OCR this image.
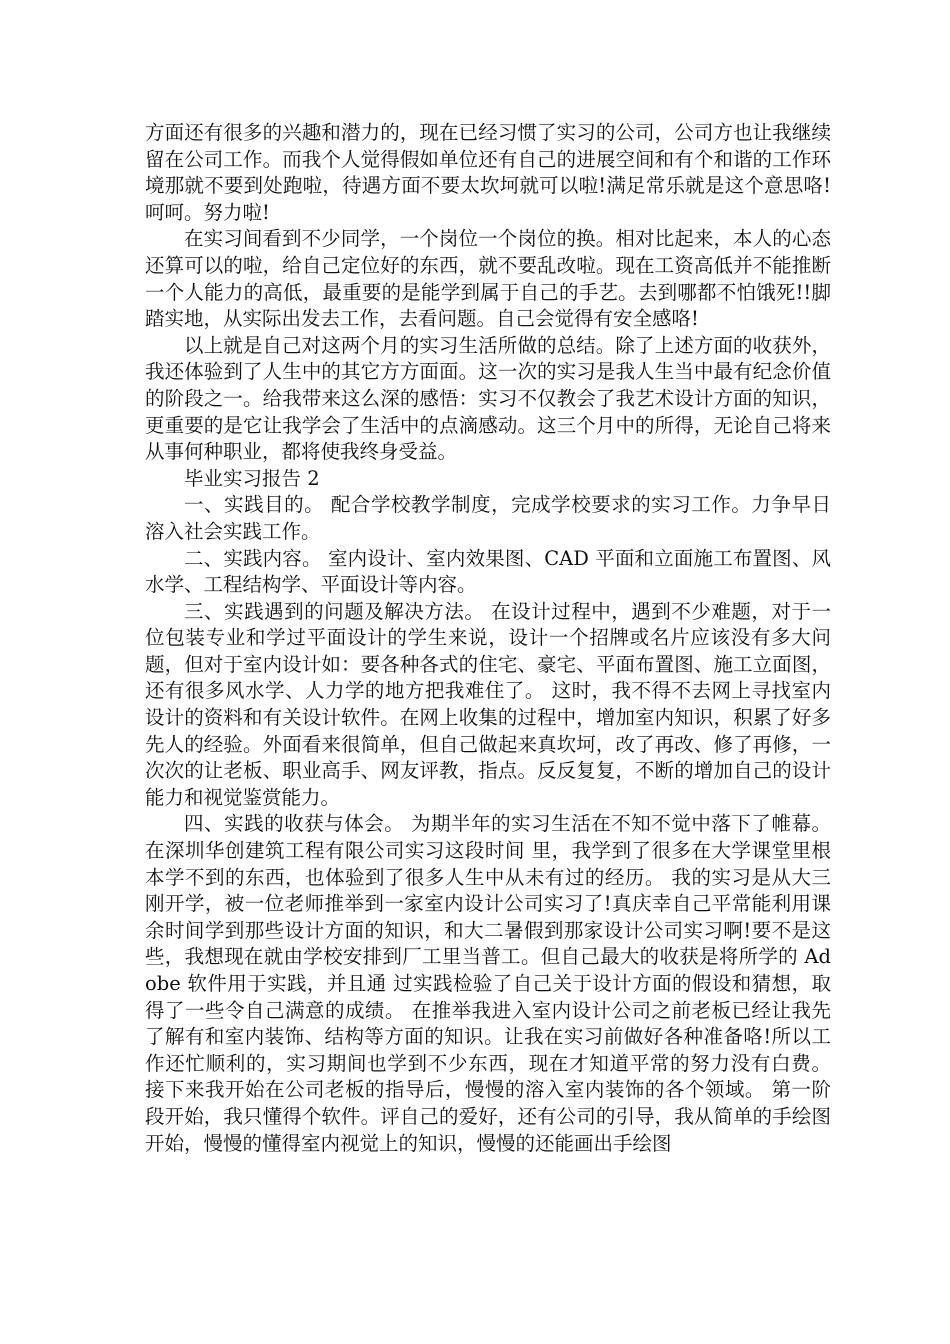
方面还有很多的兴趣和潜力的，现在已经习惯了实习的公司，公司方也让我继续留在公司工作。而我个人觉得假如单位还有自己的进展空间和有个和谐的工作环境那就不要到处跑啦，待遇方面不要太坎坷就可以啦!满足常乐就是这个意思咯!呵呵。努力啦!

在实习间看到不少同学，一个岗位一个岗位的换。相对比起来，本人的心态还算可以的啦，给自己定位好的东西，就不要乱改啦。现在工资高低并不能推断一个人能力的高低，最重要的是能学到属于自己的手艺。去到哪都不怕饿死!!脚踏实地，从实际出发去工作，去看问题。自己会觉得有安全感咯!

以上就是自己对这两个月的实习生活所做的总结。除了上述方面的收获外，我还体验到了人生中的其它方方面面。这一次的实习是我人生当中最有纪念价值的阶段之一。给我带来这么深的感悟：实习不仅教会了我艺术设计方面的知识，更重要的是它让我学会了生活中的点滴感动。这三个月中的所得，无论自己将来从事何种职业，都将使我终身受益。

毕业实习报告 2

一、实践目的。 配合学校教学制度，完成学校要求的实习工作。力争早日溶入社会实践工作。

二、实践内容。 室内设计、室内效果图、CAD 平面和立面施工布置图、风水学、工程结构学、平面设计等内容。

三、实践遇到的问题及解决方法。 在设计过程中，遇到不少难题，对于一位包装专业和学过平面设计的学生来说，设计一个招牌或名片应该没有多大问题，但对于室内设计如：要各种各式的住宅、豪宅、平面布置图、施工立面图，还有很多风水学、人力学的地方把我难住了。 这时，我不得不去网上寻找室内设计的资料和有关设计软件。在网上收集的过程中，增加室内知识，积累了好多先人的经验。外面看来很简单，但自己做起来真坎坷，改了再改、修了再修，一次次的让老板、职业高手、网友评教，指点。反反复复，不断的增加自己的设计能力和视觉鉴赏能力。

四、实践的收获与体会。 为期半年的实习生活在不知不觉中落下了帷幕。在深圳华创建筑工程有限公司实习这段时间 里，我学到了很多在大学课堂里根本学不到的东西，也体验到了很多人生中从未有过的经历。 我的实习是从大三刚开学，被一位老师推举到一家室内设计公司实习了!真庆幸自己平常能利用课余时间学到那些设计方面的知识，和大二暑假到那家设计公司实习啊!要不是这些，我想现在就由学校安排到厂工里当普工。但自己最大的收获是将所学的 Adobe 软件用于实践，并且通 过实践检验了自己关于设计方面的假设和猜想，取得了一些令自己满意的成绩。 在推举我进入室内设计公司之前老板已经让我先了解有和室内装饰、结构等方面的知识。让我在实习前做好各种准备咯!所以工作还忙顺利的，实习期间也学到不少东西，现在才知道平常的努力没有白费。 接下来我开始在公司老板的指导后，慢慢的溶入室内装饰的各个领域。 第一阶段开始，我只懂得个软件。评自己的爱好，还有公司的引导，我从简单的手绘图开始，慢慢的懂得室内视觉上的知识，慢慢的还能画出手绘图
